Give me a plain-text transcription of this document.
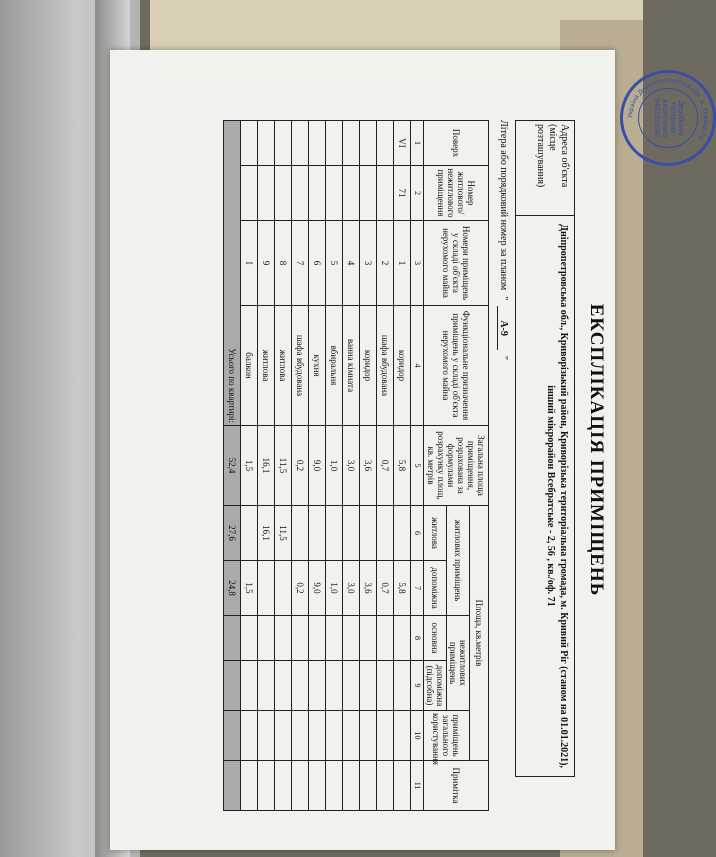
ЕКСПЛІКАЦІЯ ПРИМІЩЕНЬ
Адреса об'єкта (місце розташування)
Дніпропетровська обл., Криворізький район, Криворізька територіальна громада, м. Кривий Ріг (станом на 01.01.2021),
інший мікрорайон Всебратське - 2, 56 , кв./оф. 71
Літера або порядковий номер за планом
"
А-9
"
Поверх	Номер житлового/ нежитлового приміщення	Номери приміщень у складі об'єкта нерухомого майна	Функціональне призначення приміщень у складі об'єкта нерухомого майна	Загальна площа приміщення, розрахована за формулами розрахунку площ, кв. метрів	Площа, кв.метрів					Примітка
					житлових приміщень		нежитлових приміщень		приміщень загального користування	
					житлова	допоміжна	основна	допоміжна (підсобна)		
1	2	3	4	5	6	7	8	9	10	11
VI	71	1	коридор	5,8		5,8				
		2	шафа вбудована	0,7		0,7				
		3	коридор	3,6		3,6				
		4	ванна кімната	3,0		3,0				
		5	вбиральня	1,0		1,0				
		6	кухня	9,0		9,0				
		7	шафа вбудована	0,2		0,2				
		8	житлова	11,5	11,5					
		9	житлова	16,1	16,1					
		I	балкон	1,5		1,5				
Усього по квартирі:				52,4	27,6	24,8				
Україна Дніпропетровська обл. м. Кривий Ріг
Дерабська
Катерина
Анатоліївна
3452315040
